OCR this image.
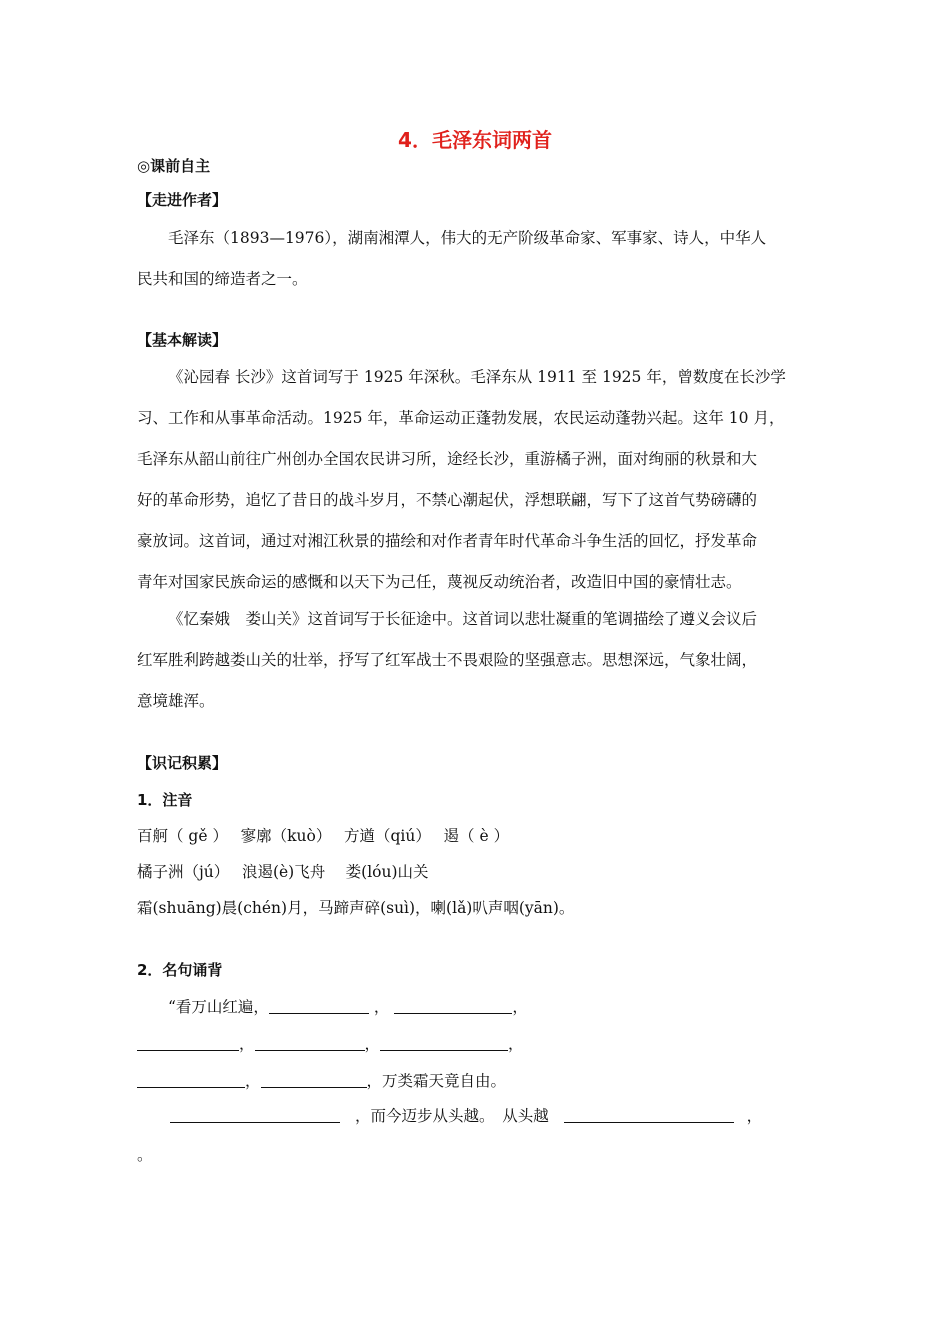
4．毛泽东词两首
◎课前自主
【走进作者】
毛泽东（1893—1976），湖南湘潭人，伟大的无产阶级革命家、军事家、诗人，中华人
民共和国的缔造者之一。
【基本解读】
《沁园春 长沙》这首词写于 1925 年深秋。毛泽东从 1911 至 1925 年，曾数度在长沙学
习、工作和从事革命活动。1925 年，革命运动正蓬勃发展，农民运动蓬勃兴起。这年 10 月，
毛泽东从韶山前往广州创办全国农民讲习所，途经长沙，重游橘子洲，面对绚丽的秋景和大
好的革命形势，追忆了昔日的战斗岁月，不禁心潮起伏，浮想联翩，写下了这首气势磅礴的
豪放词。这首词，通过对湘江秋景的描绘和对作者青年时代革命斗争生活的回忆，抒发革命
青年对国家民族命运的感慨和以天下为己任，蔑视反动统治者，改造旧中国的豪情壮志。
《忆秦娥　娄山关》这首词写于长征途中。这首词以悲壮凝重的笔调描绘了遵义会议后
红军胜利跨越娄山关的壮举，抒写了红军战士不畏艰险的坚强意志。思想深远，气象壮阔，
意境雄浑。
【识记积累】
1．注音
百舸（ gě ）　 寥廓（kuò）　 方遒（qiú）　 遏（ è ）
橘子洲（jú）　 浪遏(è)飞舟　 娄(lóu)山关
霜(shuāng)晨(chén)月，马蹄声碎(suì)，喇(lǎ)叭声咽(yān)。
2．名句诵背
“看万山红遍，	，	，
，	，	，
，	，万类霜天竟自由。
，而今迈步从头越。　从头越	，
。
